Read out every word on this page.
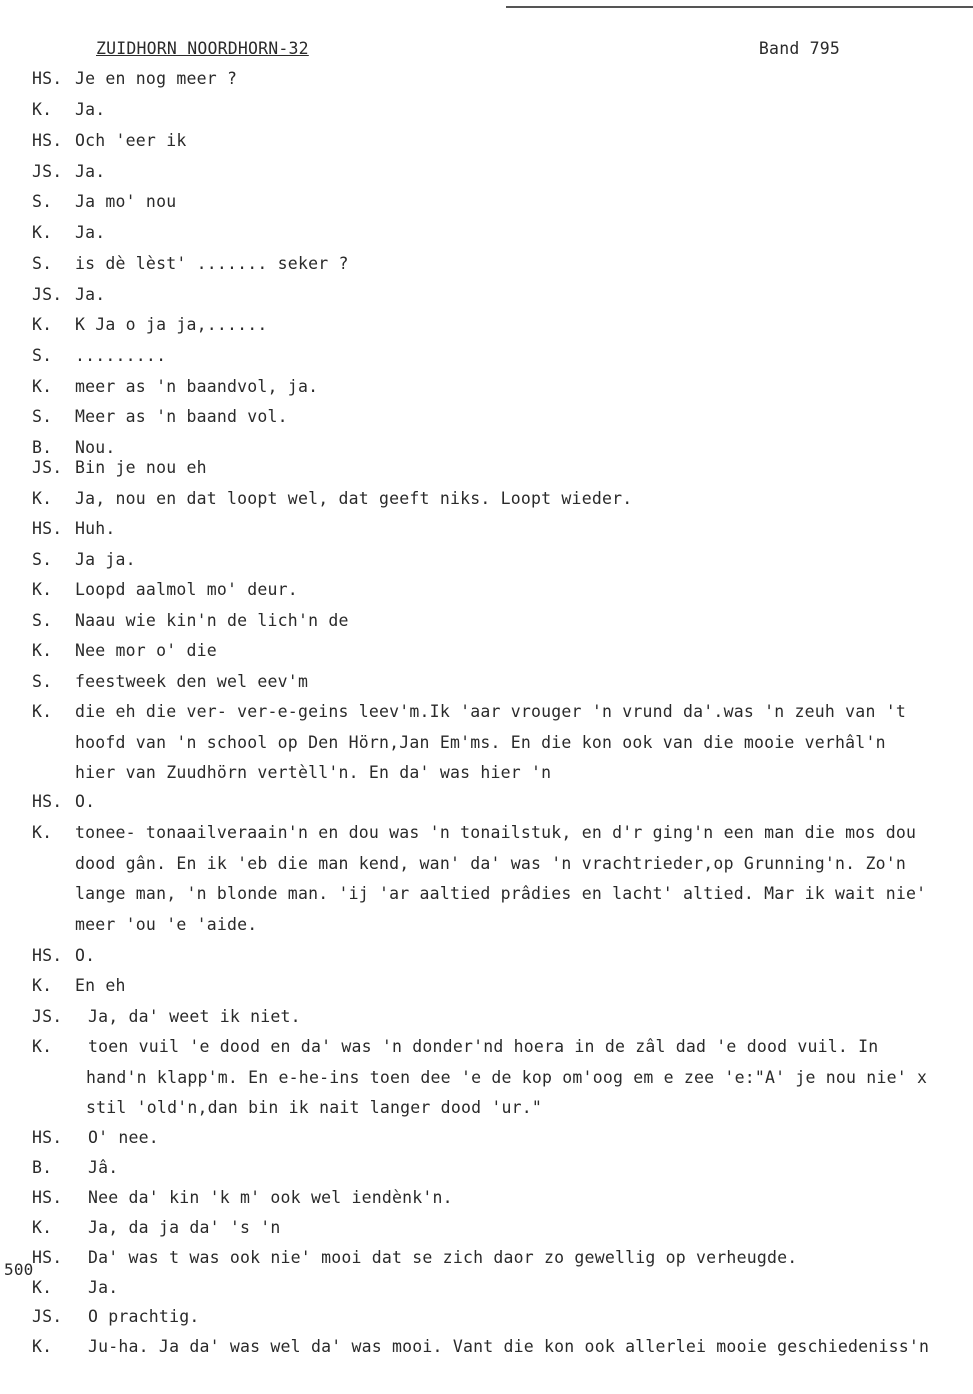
ZUIDHORN NOORDHORN-32	Band 795
HS. Je en nog meer ?
K. Ja.
HS. Och 'eer ik
JS. Ja.
S. Ja mo' nou
K. Ja.
S. is dè lèst' ....... seker ?
JS. Ja.
K. K Ja o ja ja,......
S. .........
K. meer as 'n baandvol, ja.
S. Meer as 'n baand vol.
B. Nou.
JS. Bin je nou eh
K. Ja, nou en dat loopt wel, dat geeft niks. Loopt wieder.
HS. Huh.
S. Ja ja.
K. Loopd aalmol mo' deur.
S. Naau wie kin'n de lich'n de
K. Nee mor o' die
S. feestweek den wel eev'm
K. die eh die ver- ver-e-geins leev'm.Ik 'aar vrouger 'n vrund da'.was 'n zeuh van 't
hoofd van 'n school op Den Hörn,Jan Em'ms. En die kon ook van die mooie verhâl'n
hier van Zuudhörn vertèll'n. En da' was hier 'n
HS. O.
K. tonee- tonaailveraain'n en dou was 'n tonailstuk, en d'r ging'n een man die mos dou
dood gân. En ik 'eb die man kend, wan' da' was 'n vrachtrieder,op Grunning'n. Zo'n
lange man, 'n blonde man. 'ij 'ar aaltied prâdies en lacht' altied. Mar ik wait nie'
meer 'ou 'e 'aide.
HS. O.
K. En eh
JS. Ja, da' weet ik niet.
K. toen vuil 'e dood en da' was 'n donder'nd hoera in de zâl dad 'e dood vuil. In
hand'n klapp'm. En e-he-ins toen dee 'e de kop om'oog em e zee 'e:"A' je nou nie' x
stil 'old'n,dan bin ik nait langer dood 'ur."
HS. O' nee.
B. Jâ.
HS. Nee da' kin 'k m' ook wel iendènk'n.
K. Ja, da ja da' 's 'n
HS. Da' was t was ook nie' mooi dat se zich daor zo gewellig op verheugde.
K. Ja.
JS. O prachtig.
K. Ju-ha. Ja da' was wel da' was mooi. Vant die kon ook allerlei mooie geschiedeniss'n
500
